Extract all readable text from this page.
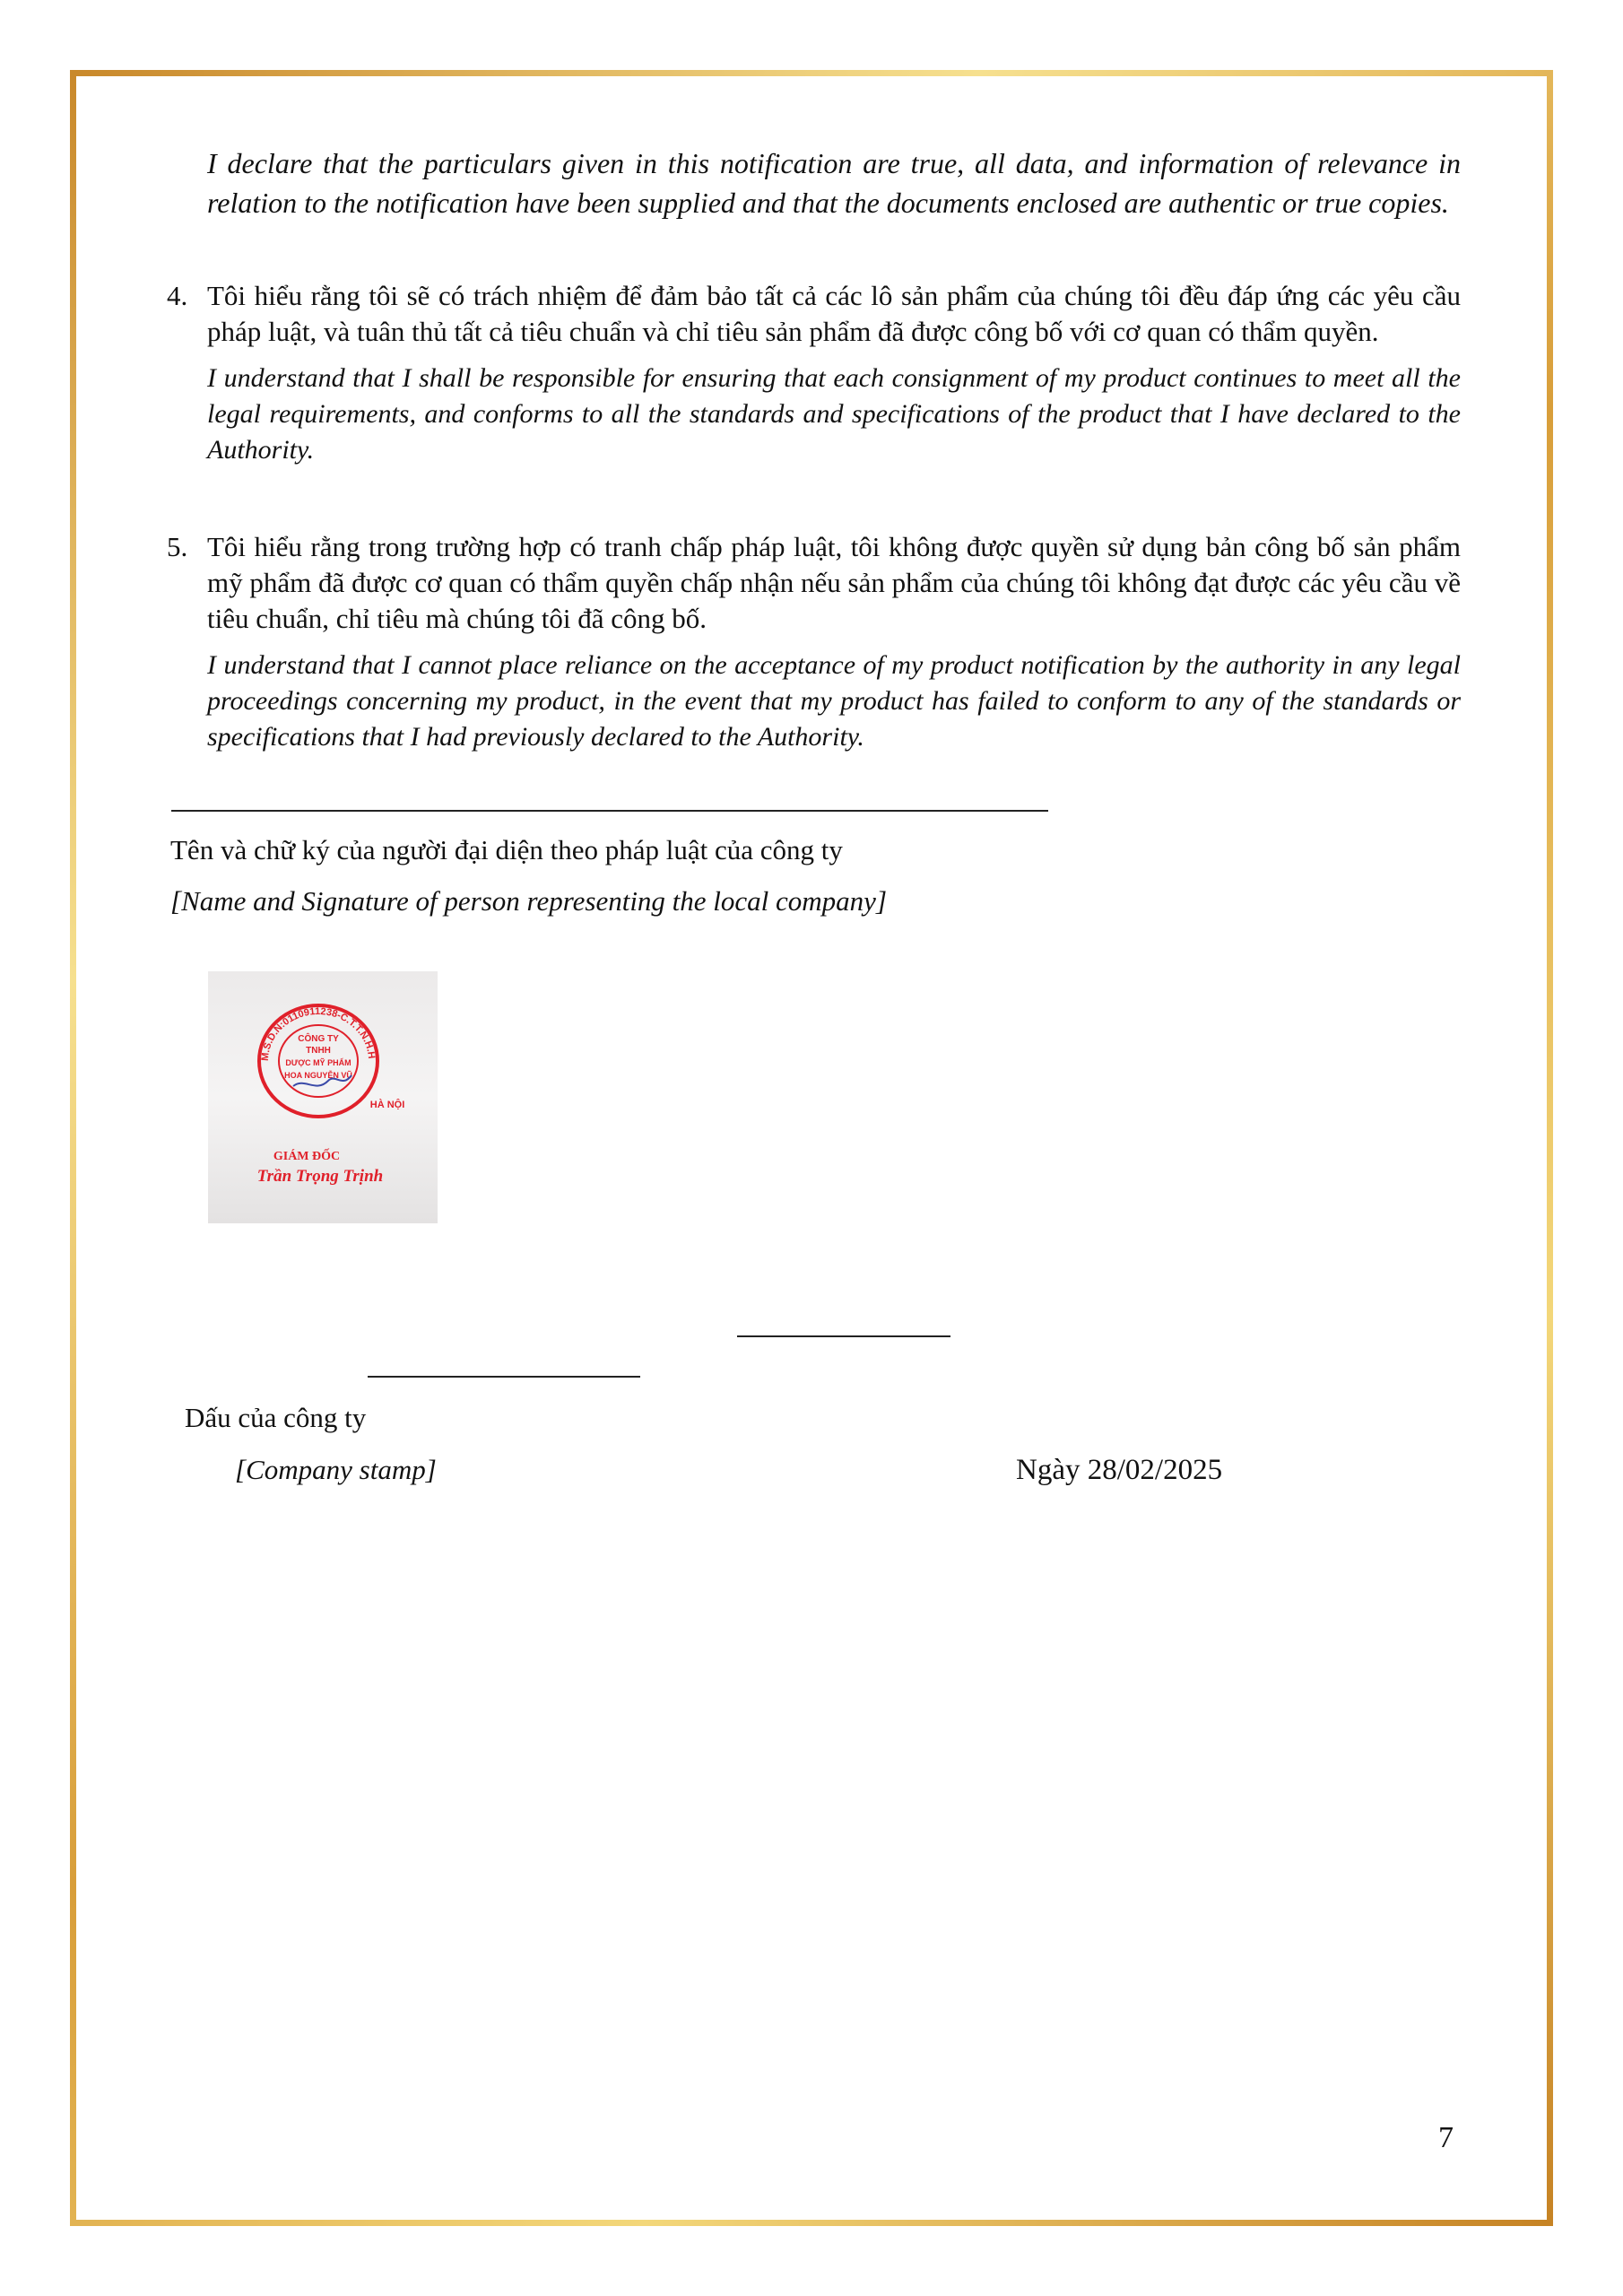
I declare that the particulars given in this notification are true, all data, and information of relevance in relation to the notification have been supplied and that the documents enclosed are authentic or true copies.
4. Tôi hiểu rằng tôi sẽ có trách nhiệm để đảm bảo tất cả các lô sản phẩm của chúng tôi đều đáp ứng các yêu cầu pháp luật, và tuân thủ tất cả tiêu chuẩn và chỉ tiêu sản phẩm đã được công bố với cơ quan có thẩm quyền.
I understand that I shall be responsible for ensuring that each consignment of my product continues to meet all the legal requirements, and conforms to all the standards and specifications of the product that I have declared to the Authority.
5. Tôi hiểu rằng trong trường hợp có tranh chấp pháp luật, tôi không được quyền sử dụng bản công bố sản phẩm mỹ phẩm đã được cơ quan có thẩm quyền chấp nhận nếu sản phẩm của chúng tôi không đạt được các yêu cầu về tiêu chuẩn, chỉ tiêu mà chúng tôi đã công bố.
I understand that I cannot place reliance on the acceptance of my product notification by the authority in any legal proceedings concerning my product, in the event that my product has failed to conform to any of the standards or specifications that I had previously declared to the Authority.
Tên và chữ ký của người đại diện theo pháp luật của công ty
[Name and Signature of person representing the local company]
M.S.D.N:0110911238-C.T.T.N.H.H
HÀ NỘI
CÔNG TY
TNHH
DƯỢC MỸ PHẨM
HOA NGUYỄN VŨ
GIÁM ĐỐC
Trần Trọng Trịnh
Dấu của công ty
[Company stamp]	Ngày 28/02/2025
7
